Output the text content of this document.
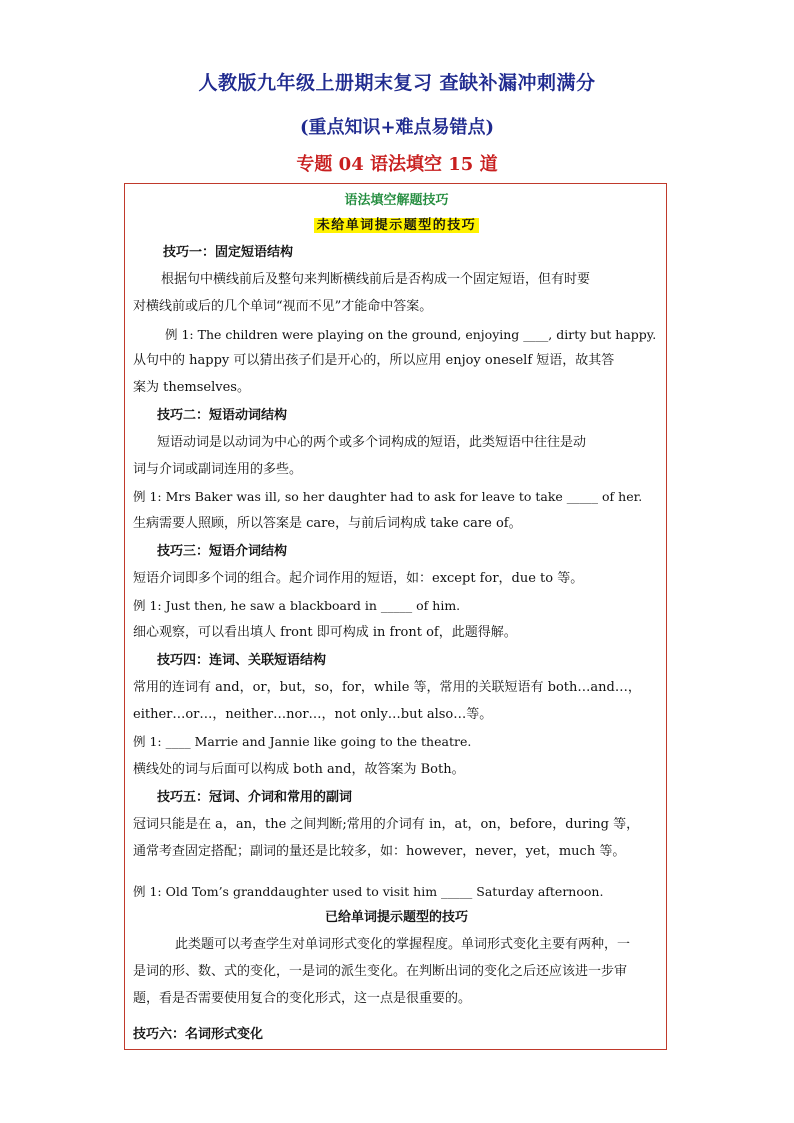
人教版九年级上册期末复习 查缺补漏冲刺满分
(重点知识+难点易错点)
专题 04 语法填空 15 道
语法填空解题技巧
未给单词提示题型的技巧
技巧一：固定短语结构
根据句中横线前后及整句来判断横线前后是否构成一个固定短语，但有时要
对横线前或后的几个单词“视而不见”才能命中答案。
例 1: The children were playing on the ground, enjoying ____, dirty but happy.
从句中的 happy 可以猜出孩子们是开心的，所以应用 enjoy oneself 短语，故其答
案为 themselves。
技巧二：短语动词结构
短语动词是以动词为中心的两个或多个词构成的短语，此类短语中往往是动
词与介词或副词连用的多些。
例 1: Mrs Baker was ill, so her daughter had to ask for leave to take _____ of her.
生病需要人照顾，所以答案是 care，与前后词构成 take care of。
技巧三：短语介词结构
短语介词即多个词的组合。起介词作用的短语，如：except for，due to 等。
例 1: Just then, he saw a blackboard in _____ of him.
细心观察，可以看出填人 front 即可构成 in front of，此题得解。
技巧四：连词、关联短语结构
常用的连词有 and，or，but，so，for，while 等，常用的关联短语有 both…and…，
either…or…，neither…nor…，not only…but also…等。
例 1: ____ Marrie and Jannie like going to the theatre.
横线处的词与后面可以构成 both and，故答案为 Both。
技巧五：冠词、介词和常用的副词
冠词只能是在 a，an，the 之间判断;常用的介词有 in，at，on，before，during 等，
通常考查固定搭配；副词的量还是比较多，如：however，never，yet，much 等。
例 1: Old Tom’s granddaughter used to visit him _____ Saturday afternoon.
已给单词提示题型的技巧
此类题可以考查学生对单词形式变化的掌握程度。单词形式变化主要有两种，一
是词的形、数、式的变化，一是词的派生变化。在判断出词的变化之后还应该进一步审
题，看是否需要使用复合的变化形式，这一点是很重要的。
技巧六：名词形式变化
